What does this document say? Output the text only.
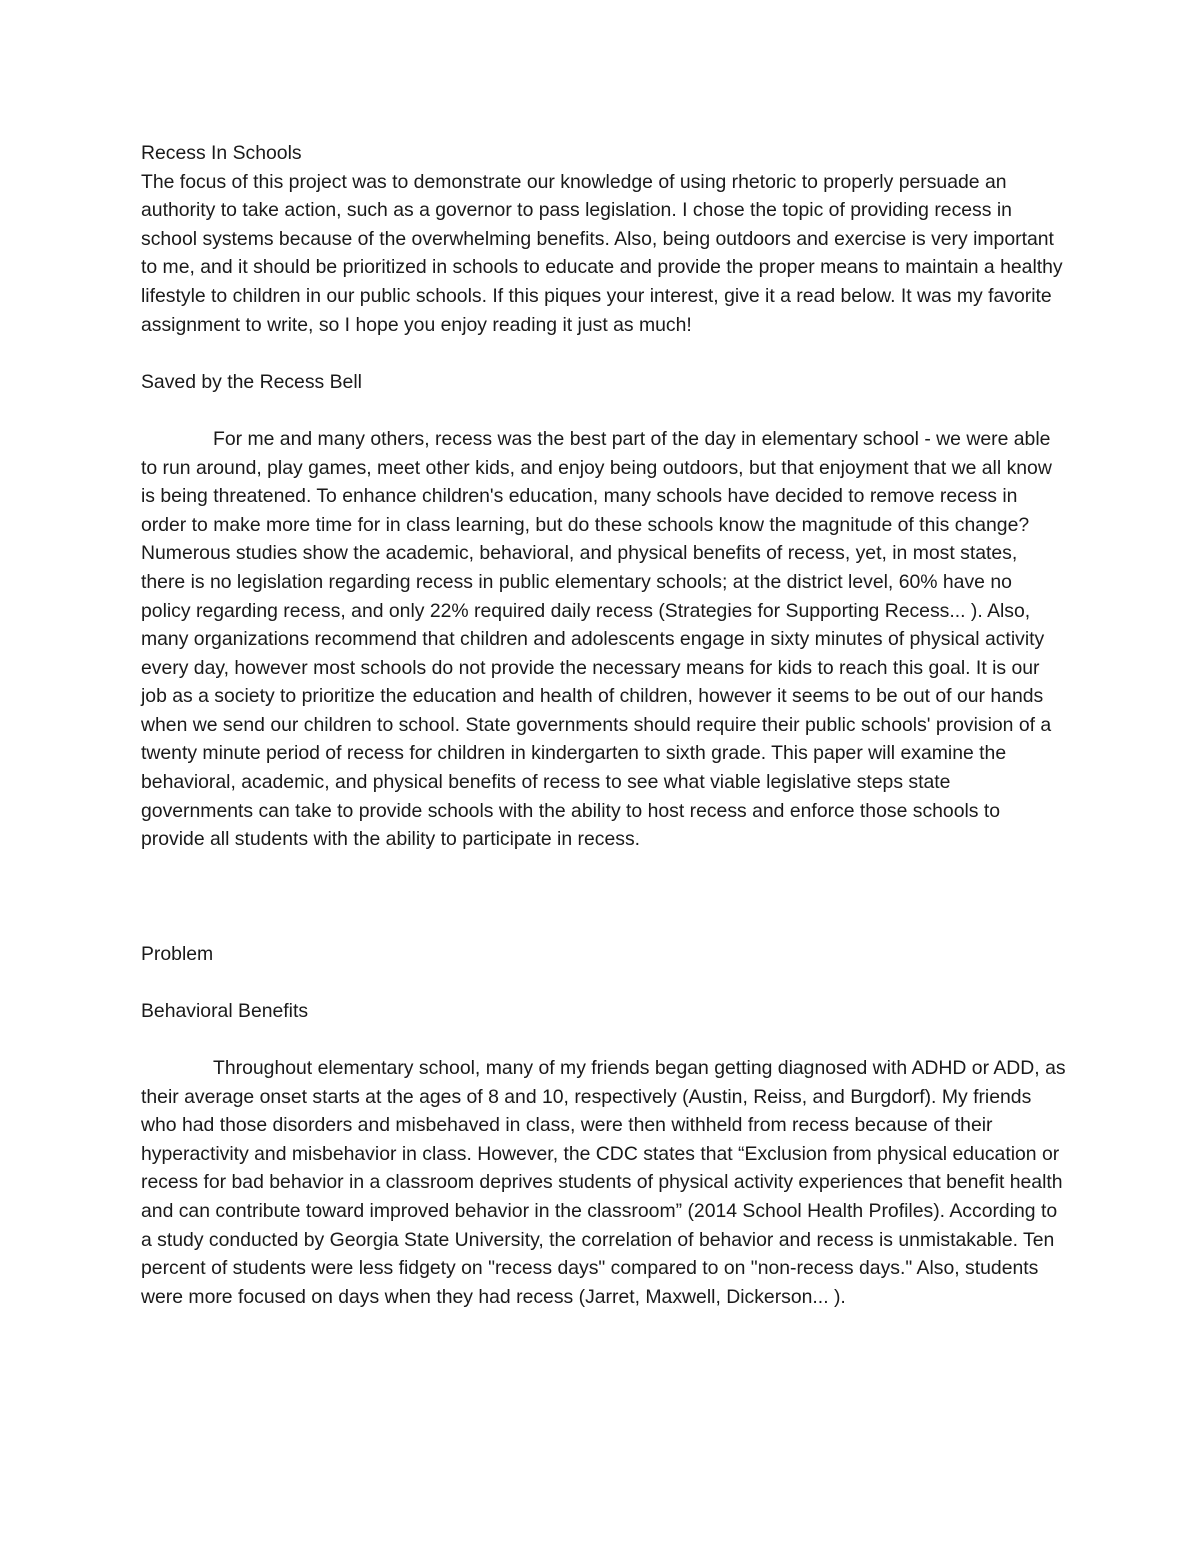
Recess In Schools

The focus of this project was to demonstrate our knowledge of using rhetoric to properly persuade an authority to take action, such as a governor to pass legislation. I chose the topic of providing recess in school systems because of the overwhelming benefits. Also, being outdoors and exercise is very important to me, and it should be prioritized in schools to educate and provide the proper means to maintain a healthy lifestyle to children in our public schools. If this piques your interest, give it a read below. It was my favorite assignment to write, so I hope you enjoy reading it just as much!

Saved by the Recess Bell

For me and many others, recess was the best part of the day in elementary school - we were able to run around, play games, meet other kids, and enjoy being outdoors, but that enjoyment that we all know is being threatened. To enhance children's education, many schools have decided to remove recess in order to make more time for in class learning, but do these schools know the magnitude of this change? Numerous studies show the academic, behavioral, and physical benefits of recess, yet, in most states, there is no legislation regarding recess in public elementary schools; at the district level, 60% have no policy regarding recess, and only 22% required daily recess (Strategies for Supporting Recess... ). Also, many organizations recommend that children and adolescents engage in sixty minutes of physical activity every day, however most schools do not provide the necessary means for kids to reach this goal. It is our job as a society to prioritize the education and health of children, however it seems to be out of our hands when we send our children to school. State governments should require their public schools' provision of a twenty minute period of recess for children in kindergarten to sixth grade. This paper will examine the behavioral, academic, and physical benefits of recess to see what viable legislative steps state governments can take to provide schools with the ability to host recess and enforce those schools to provide all students with the ability to participate in recess.

Problem

Behavioral Benefits

Throughout elementary school, many of my friends began getting diagnosed with ADHD or ADD, as their average onset starts at the ages of 8 and 10, respectively (Austin, Reiss, and Burgdorf). My friends who had those disorders and misbehaved in class, were then withheld from recess because of their hyperactivity and misbehavior in class. However, the CDC states that “Exclusion from physical education or recess for bad behavior in a classroom deprives students of physical activity experiences that benefit health and can contribute toward improved behavior in the classroom” (2014 School Health Profiles). According to a study conducted by Georgia State University, the correlation of behavior and recess is unmistakable. Ten percent of students were less fidgety on "recess days" compared to on "non-recess days." Also, students were more focused on days when they had recess (Jarret, Maxwell, Dickerson... ).
